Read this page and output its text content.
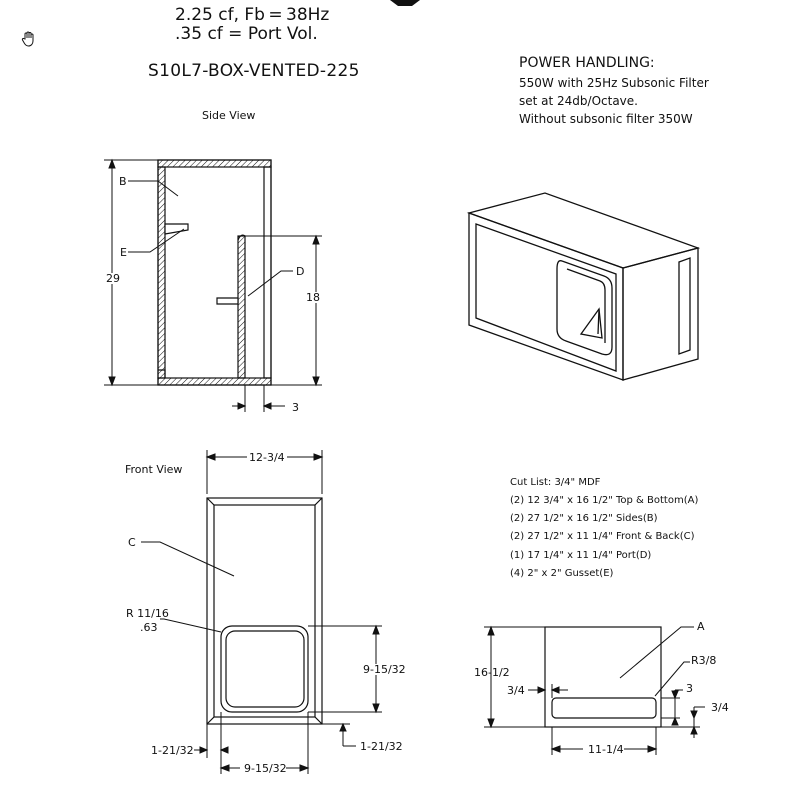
2.25 cf, Fb = 38Hz
.35 cf = Port Vol.
S10L7-BOX-VENTED-225	POWER HANDLING:
550W with 25Hz Subsonic Filter
set at 24db/Octave.
Without subsonic filter 350W
Side View
B
E
D
29
18
3
Front View
12-3/4
C
R 11/16
.63
9-15/32
1-21/32
1-21/32
9-15/32
Cut List: 3/4" MDF
(2) 12 3/4" x 16 1/2" Top & Bottom(A)
(2) 27 1/2" x 16 1/2" Sides(B)
(2) 27 1/2" x 11 1/4" Front & Back(C)
(1) 17 1/4" x 11 1/4" Port(D)
(4) 2" x 2" Gusset(E)
A
R3/8
16-1/2
3/4	3
3/4
11-1/4
